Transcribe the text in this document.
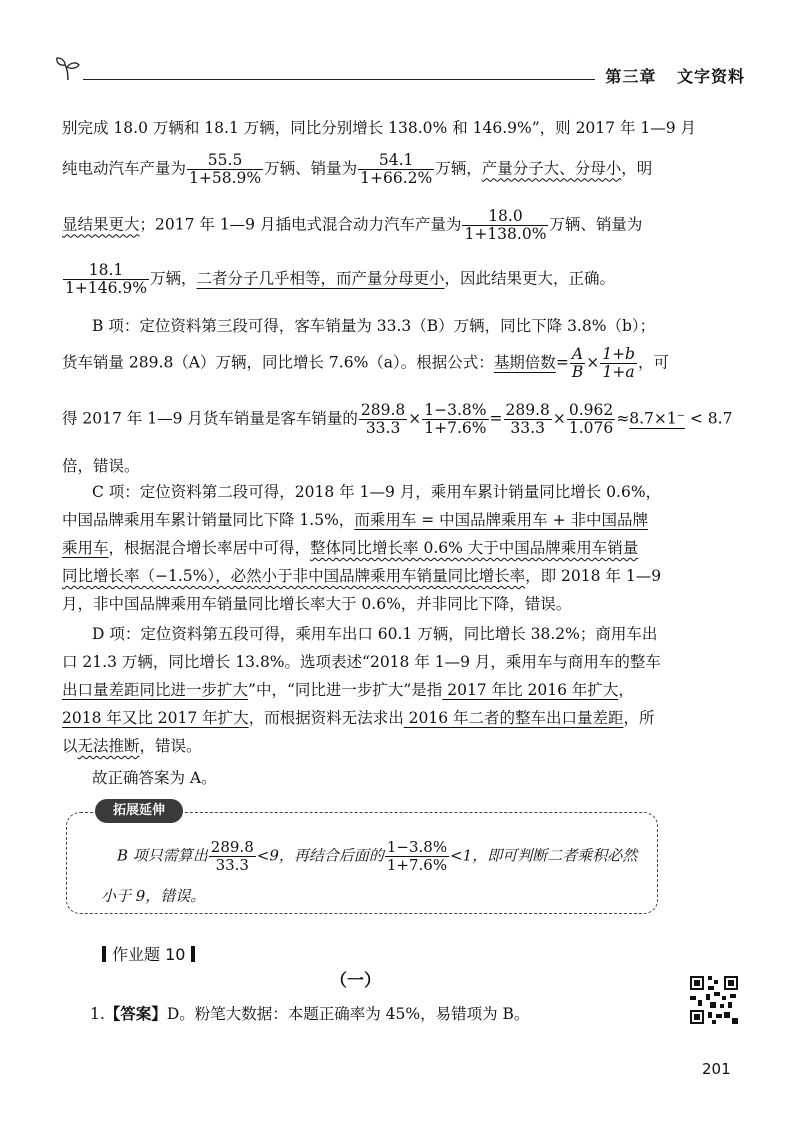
第三章 文字资料
别完成 18.0 万辆和 18.1 万辆，同比分别增长 138.0% 和 146.9%”，则 2017 年 1—9 月
纯电动汽车产量为 $\frac{55.5}{1+58.9\%}$ 万辆、销量为 $\frac{54.1}{1+66.2\%}$ 万辆，产量分子大、分母小，明
显结果更大；2017 年 1—9 月插电式混合动力汽车产量为 $\frac{18.0}{1+138.0\%}$ 万辆、销量为
$\frac{18.1}{1+146.9\%}$ 万辆，二者分子几乎相等，而产量分母更小，因此结果更大，正确。
B 项：定位资料第三段可得，客车销量为 33.3（B）万辆，同比下降 3.8%（b）；
货车销量 289.8（A）万辆，同比增长 7.6%（a）。根据公式：基期倍数= $\frac{A}{B} \times \frac{1+b}{1+a}$ ，可
得 2017 年 1—9 月货车销量是客车销量的 $\frac{289.8}{33.3} \times \frac{1-3.8\%}{1+7.6\%} = \frac{289.8}{33.3} \times \frac{0.962}{1.076} \approx 8.7\times 1^- < 8.7$
倍，错误。
C 项：定位资料第二段可得，2018 年 1—9 月，乘用车累计销量同比增长 0.6%，
中国品牌乘用车累计销量同比下降 1.5%，而乘用车 = 中国品牌乘用车 + 非中国品牌
乘用车，根据混合增长率居中可得，整体同比增长率 0.6% 大于中国品牌乘用车销量
同比增长率（−1.5%），必然小于非中国品牌乘用车销量同比增长率，即 2018 年 1—9
月，非中国品牌乘用车销量同比增长率大于 0.6%，并非同比下降，错误。
D 项：定位资料第五段可得，乘用车出口 60.1 万辆，同比增长 38.2%；商用车出
口 21.3 万辆，同比增长 13.8%。选项表述“2018 年 1—9 月，乘用车与商用车的整车
出口量差距同比进一步扩大”中，“同比进一步扩大”是指 2017 年比 2016 年扩大，
2018 年又比 2017 年扩大，而根据资料无法求出 2016 年二者的整车出口量差距，所
以无法推断，错误。
故正确答案为 A。
拓展延伸
B 项只需算出 $\frac{289.8}{33.3} <9$，再结合后面的 $\frac{1-3.8\%}{1+7.6\%} <1$，即可判断二者乘积必然
小于 9，错误。
作业题 10
（一）
1.【答案】D。粉笔大数据：本题正确率为 45%，易错项为 B。
201
